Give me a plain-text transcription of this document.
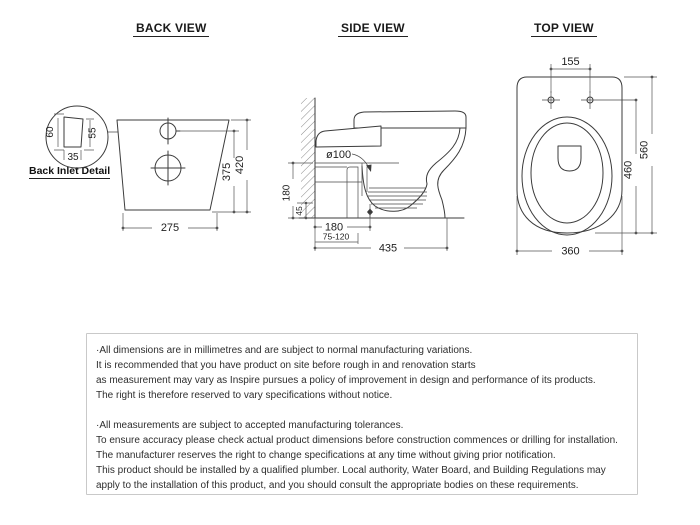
BACK VIEW	SIDE VIEW	TOP VIEW
Back Inlet Detail
60	55
35
275
375 420
ø100
180
45
180
75-120
435
155
460
560
360
·All dimensions are in millimetres and are subject to normal manufacturing variations.
It is recommended that you have product on site before rough in and renovation starts
as measurement may vary as Inspire pursues a policy of improvement in design and performance of its products.
The right is therefore reserved to vary specifications without notice.
·All measurements are subject to accepted manufacturing tolerances.
To ensure accuracy please check actual product dimensions before construction commences or drilling for installation.
The manufacturer reserves the right to change specifications at any time without giving prior notification.
This product should be installed by a qualified plumber. Local authority, Water Board, and Building Regulations may
apply to the installation of this product, and you should consult the appropriate bodies on these requirements.
